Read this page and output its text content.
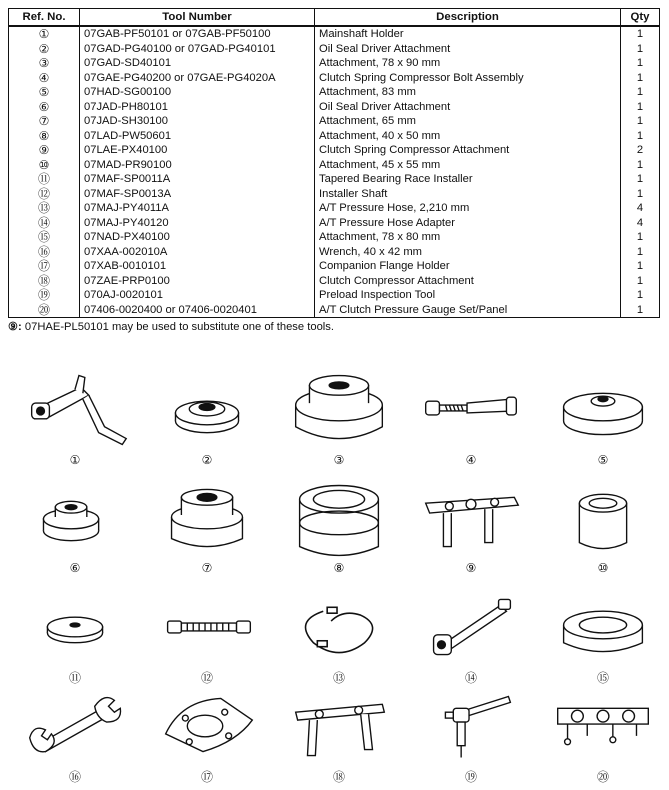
Ref. No.	Tool Number	Description	Qty
①	07GAB-PF50101 or 07GAB-PF50100	Mainshaft Holder	1
②	07GAD-PG40100 or 07GAD-PG40101	Oil Seal Driver Attachment	1
③	07GAD-SD40101	Attachment, 78 x 90 mm	1
④	07GAE-PG40200 or 07GAE-PG4020A	Clutch Spring Compressor Bolt Assembly	1
⑤	07HAD-SG00100	Attachment, 83 mm	1
⑥	07JAD-PH80101	Oil Seal Driver Attachment	1
⑦	07JAD-SH30100	Attachment, 65 mm	1
⑧	07LAD-PW50601	Attachment, 40 x 50 mm	1
⑨	07LAE-PX40100	Clutch Spring Compressor Attachment	2
⑩	07MAD-PR90100	Attachment, 45 x 55 mm	1
⑪	07MAF-SP0011A	Tapered Bearing Race Installer	1
⑫	07MAF-SP0013A	Installer Shaft	1
⑬	07MAJ-PY4011A	A/T Pressure Hose, 2,210 mm	4
⑭	07MAJ-PY40120	A/T Pressure Hose Adapter	4
⑮	07NAD-PX40100	Attachment, 78 x 80 mm	1
⑯	07XAA-002010A	Wrench, 40 x 42 mm	1
⑰	07XAB-0010101	Companion Flange Holder	1
⑱	07ZAE-PRP0100	Clutch Compressor Attachment	1
⑲	070AJ-0020101	Preload Inspection Tool	1
⑳	07406-0020400 or 07406-0020401	A/T Clutch Pressure Gauge Set/Panel	1
⑨: 07HAE-PL50101 may be used to substitute one of these tools.
①	②	③	④	⑤
⑥	⑦	⑧	⑨	⑩
⑪	⑫	⑬	⑭	⑮
⑯	⑰	⑱	⑲	⑳
